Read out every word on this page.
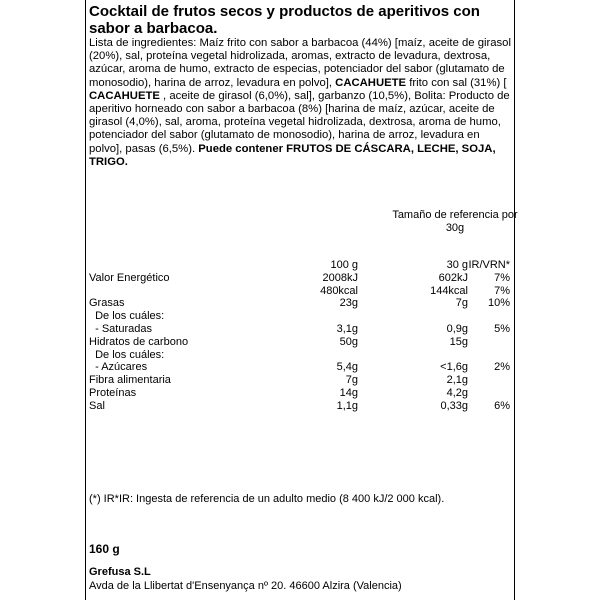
Cocktail de frutos secos y productos de aperitivos con sabor a barbacoa.

Lista de ingredientes: Maíz frito con sabor a barbacoa (44%) [maíz, aceite de girasol (20%), sal, proteína vegetal hidrolizada, aromas, extracto de levadura, dextrosa, azúcar, aroma de humo, extracto de especias, potenciador del sabor (glutamato de monosodio), harina de arroz, levadura en polvo], CACAHUETE frito con sal (31%) [ CACAHUETE , aceite de girasol (6,0%), sal], garbanzo (10,5%), Bolita: Producto de aperitivo horneado con sabor a barbacoa (8%) [harina de maíz, azúcar, aceite de girasol (4,0%), sal, aroma, proteína vegetal hidrolizada, dextrosa, aroma de humo, potenciador del sabor (glutamato de monosodio), harina de arroz, levadura en polvo], pasas (6,5%). Puede contener FRUTOS DE CÁSCARA, LECHE, SOJA, TRIGO.

Tamaño de referencia por 30g
100 g	30 g IR/VRN*
Valor Energético	2008kJ	602kJ 7%
480kcal	144kcal 7%
Grasas	23g	7g 10%
De los cuáles:
- Saturadas	3,1g	0,9g 5%
Hidratos de carbono	50g	15g
De los cuáles:
- Azúcares	5,4g	<1,6g 2%
Fibra alimentaria	7g	2,1g
Proteínas	14g	4,2g
Sal	1,1g	0,33g 6%
(*) IR*IR: Ingesta de referencia de un adulto medio (8 400 kJ/2 000 kcal).
160 g
Grefusa S.L
Avda de la Llibertat d'Ensenyança nº 20. 46600 Alzira (Valencia)
